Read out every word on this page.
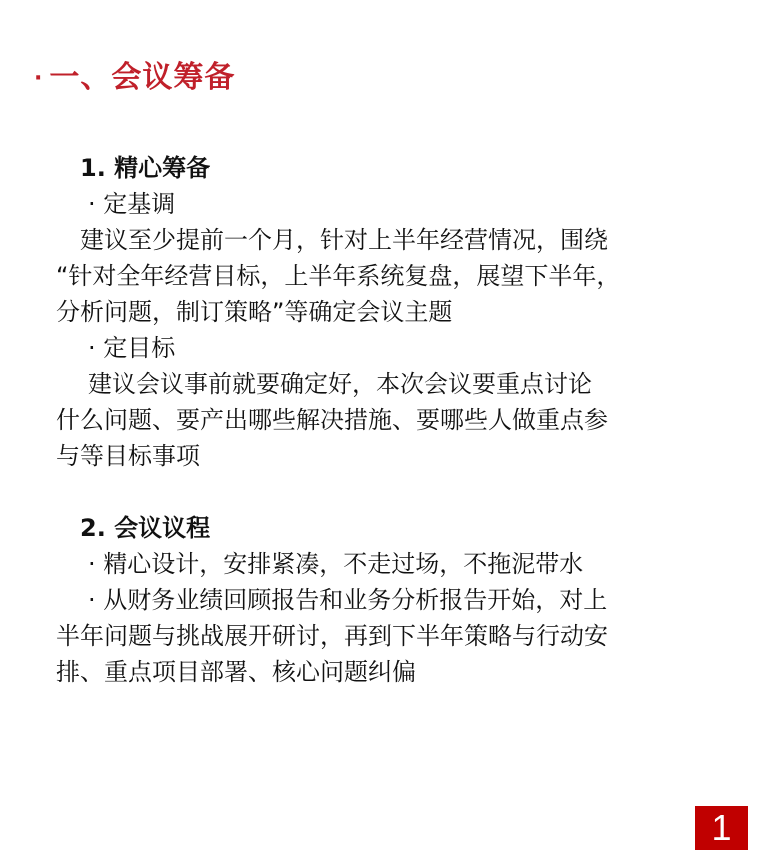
· 一、会议筹备
1. 精心筹备
· 定基调
建议至少提前一个月，针对上半年经营情况，围绕
“针对全年经营目标，上半年系统复盘，展望下半年，
分析问题，制订策略”等确定会议主题
· 定目标
建议会议事前就要确定好，本次会议要重点讨论
什么问题、要产出哪些解决措施、要哪些人做重点参
与等目标事项
2. 会议议程
· 精心设计，安排紧凑，不走过场，不拖泥带水
· 从财务业绩回顾报告和业务分析报告开始，对上
半年问题与挑战展开研讨，再到下半年策略与行动安
排、重点项目部署、核心问题纠偏
1
